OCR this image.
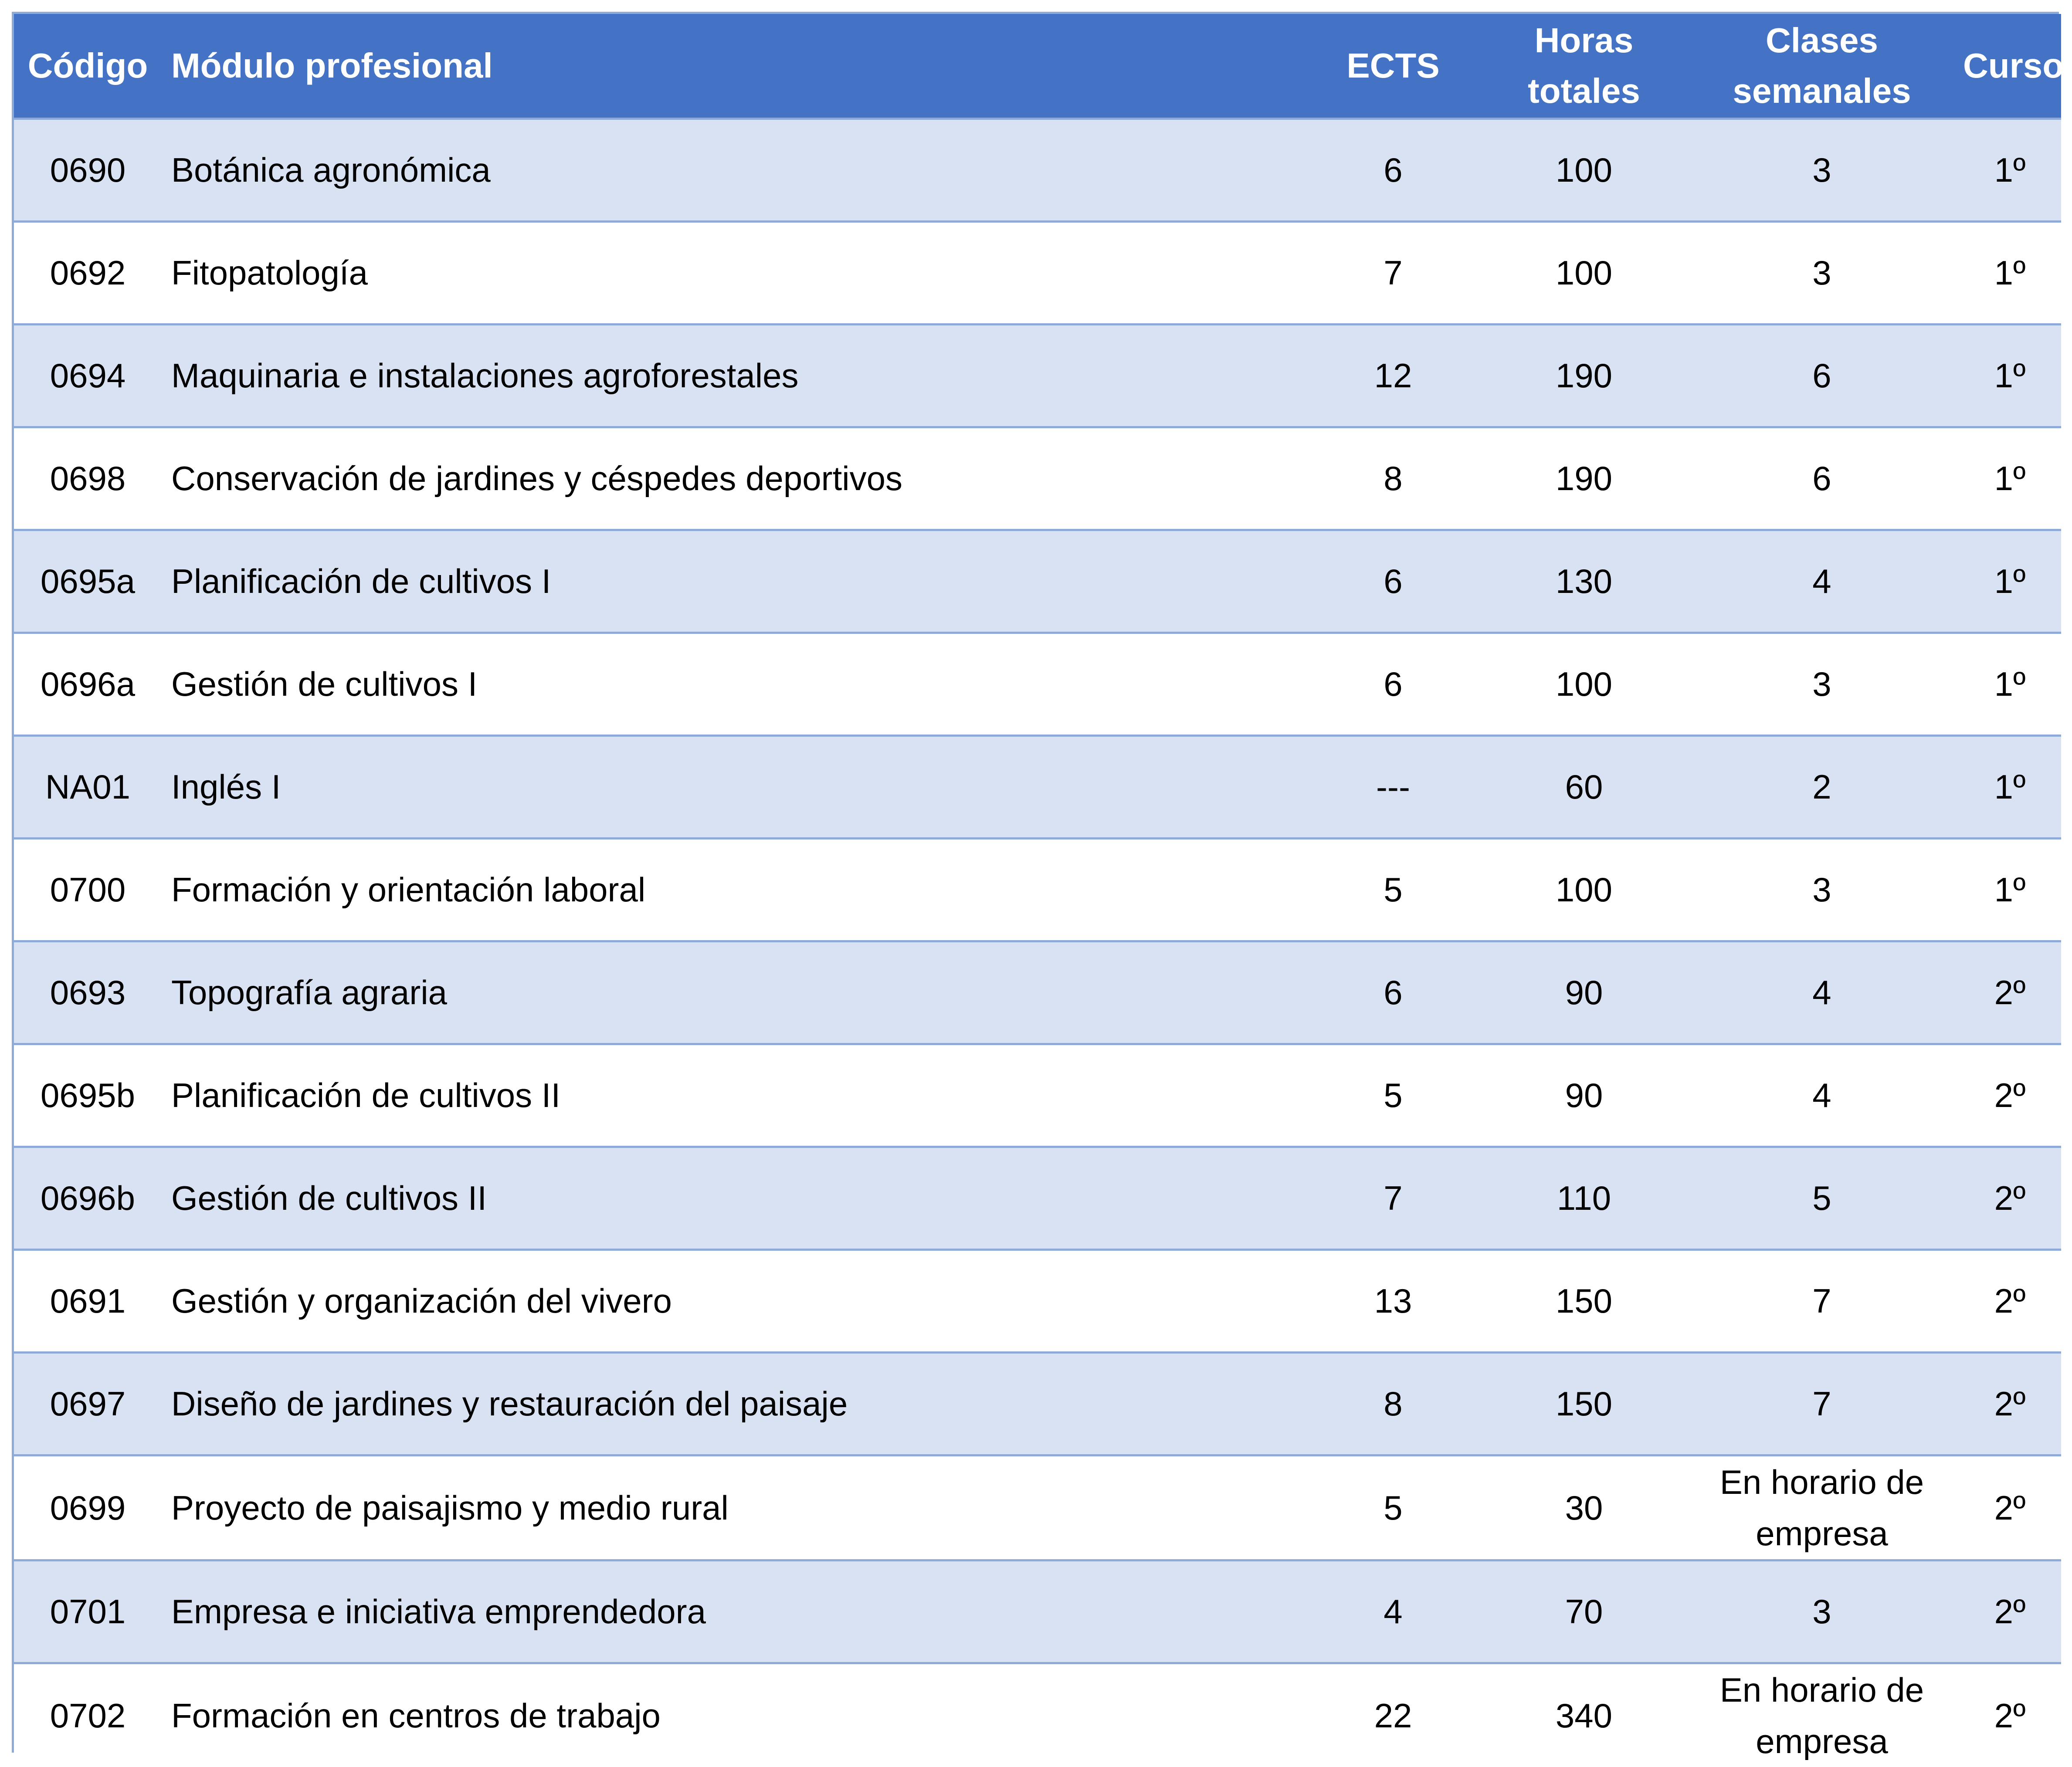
Código	Módulo profesional	ECTS	Horas totales	Clases semanales	Curso
0690	Botánica agronómica	6	100	3	1º
0692	Fitopatología	7	100	3	1º
0694	Maquinaria e instalaciones agroforestales	12	190	6	1º
0698	Conservación de jardines y céspedes deportivos	8	190	6	1º
0695a	Planificación de cultivos I	6	130	4	1º
0696a	Gestión de cultivos I	6	100	3	1º
NA01	Inglés I	---	60	2	1º
0700	Formación y orientación laboral	5	100	3	1º
0693	Topografía agraria	6	90	4	2º
0695b	Planificación de cultivos II	5	90	4	2º
0696b	Gestión de cultivos II	7	110	5	2º
0691	Gestión y organización del vivero	13	150	7	2º
0697	Diseño de jardines y restauración del paisaje	8	150	7	2º
0699	Proyecto de paisajismo y medio rural	5	30	En horario de empresa	2º
0701	Empresa e iniciativa emprendedora	4	70	3	2º
0702	Formación en centros de trabajo	22	340	En horario de empresa	2º
